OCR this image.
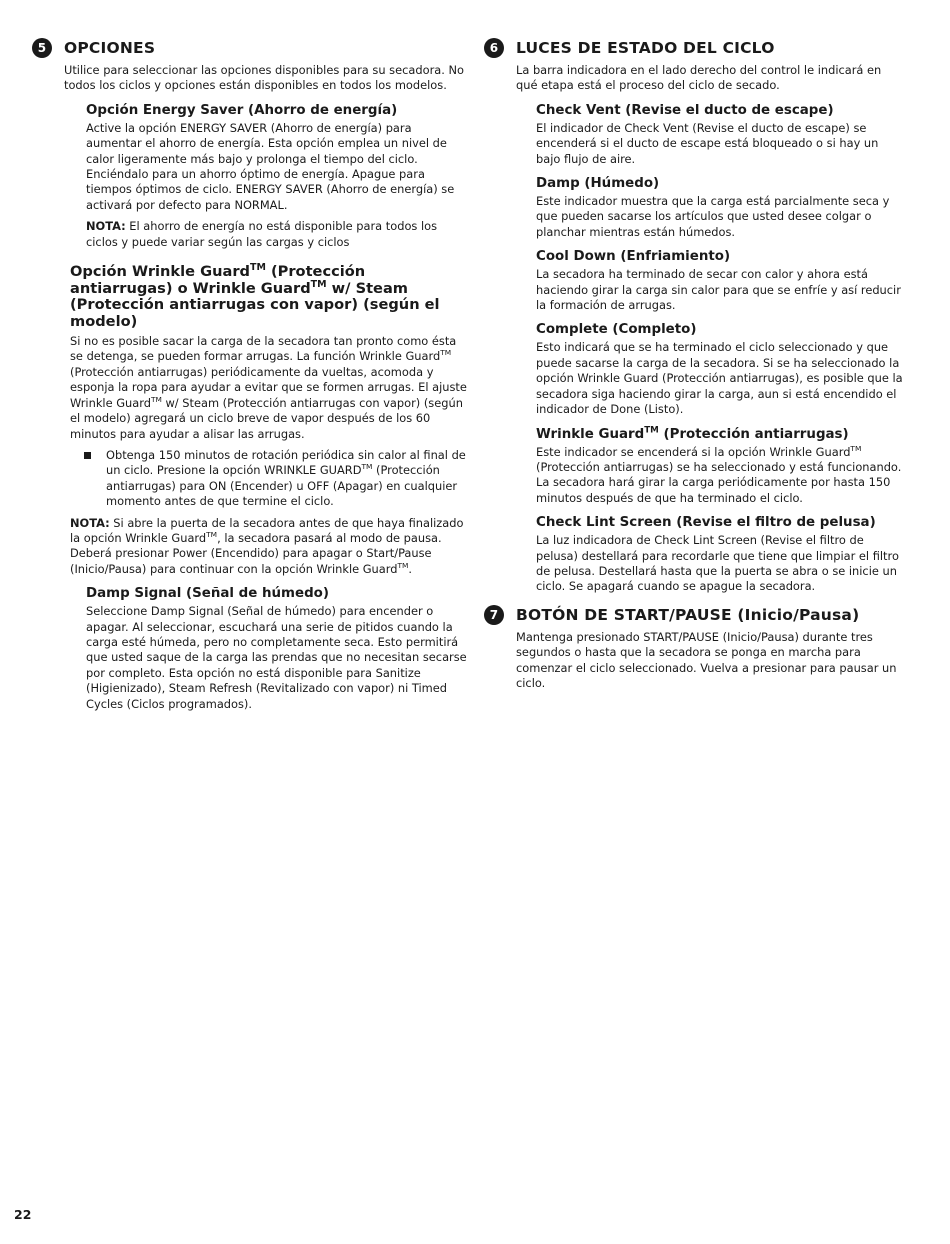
5	OPCIONES

Utilice para seleccionar las opciones disponibles para su secadora. No todos los ciclos y opciones están disponibles en todos los modelos.

Opción Energy Saver (Ahorro de energía)

Active la opción ENERGY SAVER (Ahorro de energía) para aumentar el ahorro de energía. Esta opción emplea un nivel de calor ligeramente más bajo y prolonga el tiempo del ciclo. Enciéndalo para un ahorro óptimo de energía. Apague para tiempos óptimos de ciclo. ENERGY SAVER (Ahorro de energía) se activará por defecto para NORMAL.

NOTA: El ahorro de energía no está disponible para todos los ciclos y puede variar según las cargas y ciclos

Opción Wrinkle Guard™ (Protección antiarrugas) o Wrinkle Guard™ w/ Steam (Protección antiarrugas con vapor) (según el modelo)

Si no es posible sacar la carga de la secadora tan pronto como ésta se detenga, se pueden formar arrugas. La función Wrinkle Guard™ (Protección antiarrugas) periódicamente da vueltas, acomoda y esponja la ropa para ayudar a evitar que se formen arrugas. El ajuste Wrinkle Guard™ w/ Steam (Protección antiarrugas con vapor) (según el modelo) agregará un ciclo breve de vapor después de los 60 minutos para ayudar a alisar las arrugas.

Obtenga 150 minutos de rotación periódica sin calor al final de un ciclo. Presione la opción WRINKLE GUARD™ (Protección antiarrugas) para ON (Encender) u OFF (Apagar) en cualquier momento antes de que termine el ciclo.

NOTA: Si abre la puerta de la secadora antes de que haya finalizado la opción Wrinkle Guard™, la secadora pasará al modo de pausa. Deberá presionar Power (Encendido) para apagar o Start/Pause (Inicio/Pausa) para continuar con la opción Wrinkle Guard™.

Damp Signal (Señal de húmedo)

Seleccione Damp Signal (Señal de húmedo) para encender o apagar. Al seleccionar, escuchará una serie de pitidos cuando la carga esté húmeda, pero no completamente seca. Esto permitirá que usted saque de la carga las prendas que no necesitan secarse por completo. Esta opción no está disponible para Sanitize (Higienizado), Steam Refresh (Revitalizado con vapor) ni Timed Cycles (Ciclos programados).

6	LUCES DE ESTADO DEL CICLO

La barra indicadora en el lado derecho del control le indicará en qué etapa está el proceso del ciclo de secado.

Check Vent (Revise el ducto de escape)

El indicador de Check Vent (Revise el ducto de escape) se encenderá si el ducto de escape está bloqueado o si hay un bajo flujo de aire.

Damp (Húmedo)

Este indicador muestra que la carga está parcialmente seca y que pueden sacarse los artículos que usted desee colgar o planchar mientras están húmedos.

Cool Down (Enfriamiento)

La secadora ha terminado de secar con calor y ahora está haciendo girar la carga sin calor para que se enfríe y así reducir la formación de arrugas.

Complete (Completo)

Esto indicará que se ha terminado el ciclo seleccionado y que puede sacarse la carga de la secadora. Si se ha seleccionado la opción Wrinkle Guard (Protección antiarrugas), es posible que la secadora siga haciendo girar la carga, aun si está encendido el indicador de Done (Listo).

Wrinkle Guard™ (Protección antiarrugas)

Este indicador se encenderá si la opción Wrinkle Guard™ (Protección antiarrugas) se ha seleccionado y está funcionando. La secadora hará girar la carga periódicamente por hasta 150 minutos después de que ha terminado el ciclo.

Check Lint Screen (Revise el filtro de pelusa)

La luz indicadora de Check Lint Screen (Revise el filtro de pelusa) destellará para recordarle que tiene que limpiar el filtro de pelusa. Destellará hasta que la puerta se abra o se inicie un ciclo. Se apagará cuando se apague la secadora.

7	BOTÓN DE START/PAUSE (Inicio/Pausa)

Mantenga presionado START/PAUSE (Inicio/Pausa) durante tres segundos o hasta que la secadora se ponga en marcha para comenzar el ciclo seleccionado. Vuelva a presionar para pausar un ciclo.

22
